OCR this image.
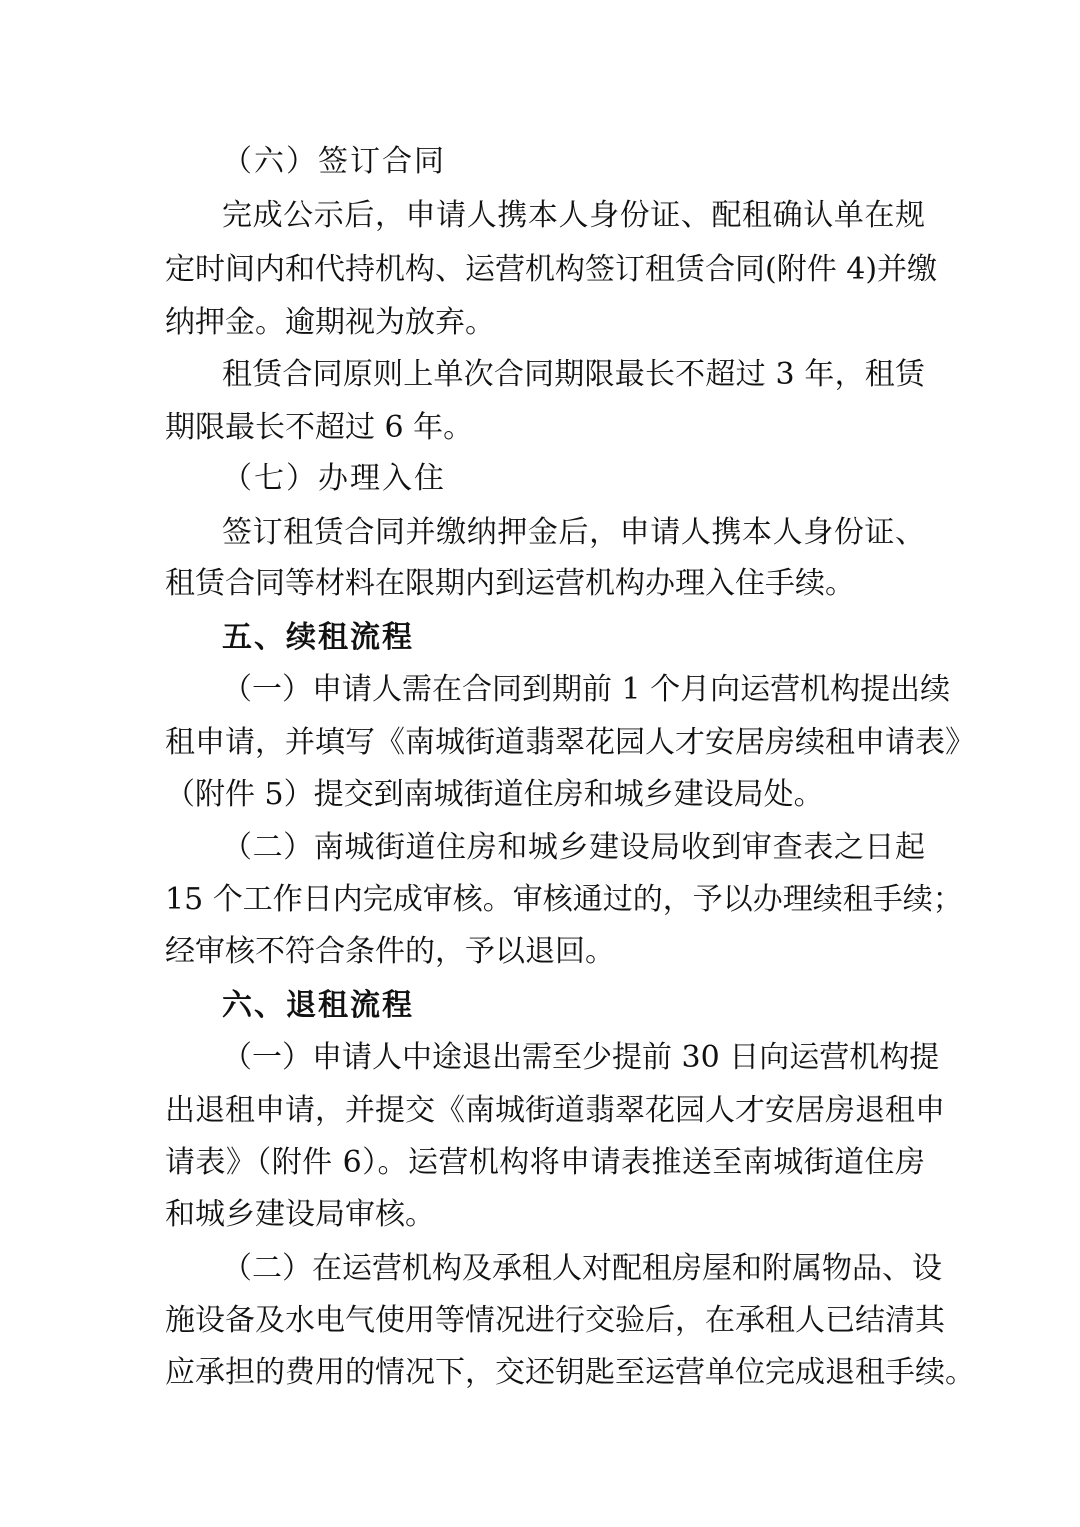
（六）签订合同
完成公示后，申请人携本人身份证、配租确认单在规
定时间内和代持机构、运营机构签订租赁合同(附件 4)并缴
纳押金。逾期视为放弃。
租赁合同原则上单次合同期限最长不超过 3 年，租赁
期限最长不超过 6 年。
（七）办理入住
签订租赁合同并缴纳押金后，申请人携本人身份证、
租赁合同等材料在限期内到运营机构办理入住手续。
五、续租流程
（一）申请人需在合同到期前 1 个月向运营机构提出续
租申请，并填写《南城街道翡翠花园人才安居房续租申请表》
（附件 5）提交到南城街道住房和城乡建设局处。
（二）南城街道住房和城乡建设局收到审查表之日起
15 个工作日内完成审核。审核通过的，予以办理续租手续；
经审核不符合条件的，予以退回。
六、退租流程
（一）申请人中途退出需至少提前 30 日向运营机构提
出退租申请，并提交《南城街道翡翠花园人才安居房退租申
请表》（附件 6）。运营机构将申请表推送至南城街道住房
和城乡建设局审核。
（二）在运营机构及承租人对配租房屋和附属物品、设
施设备及水电气使用等情况进行交验后，在承租人已结清其
应承担的费用的情况下，交还钥匙至运营单位完成退租手续。
